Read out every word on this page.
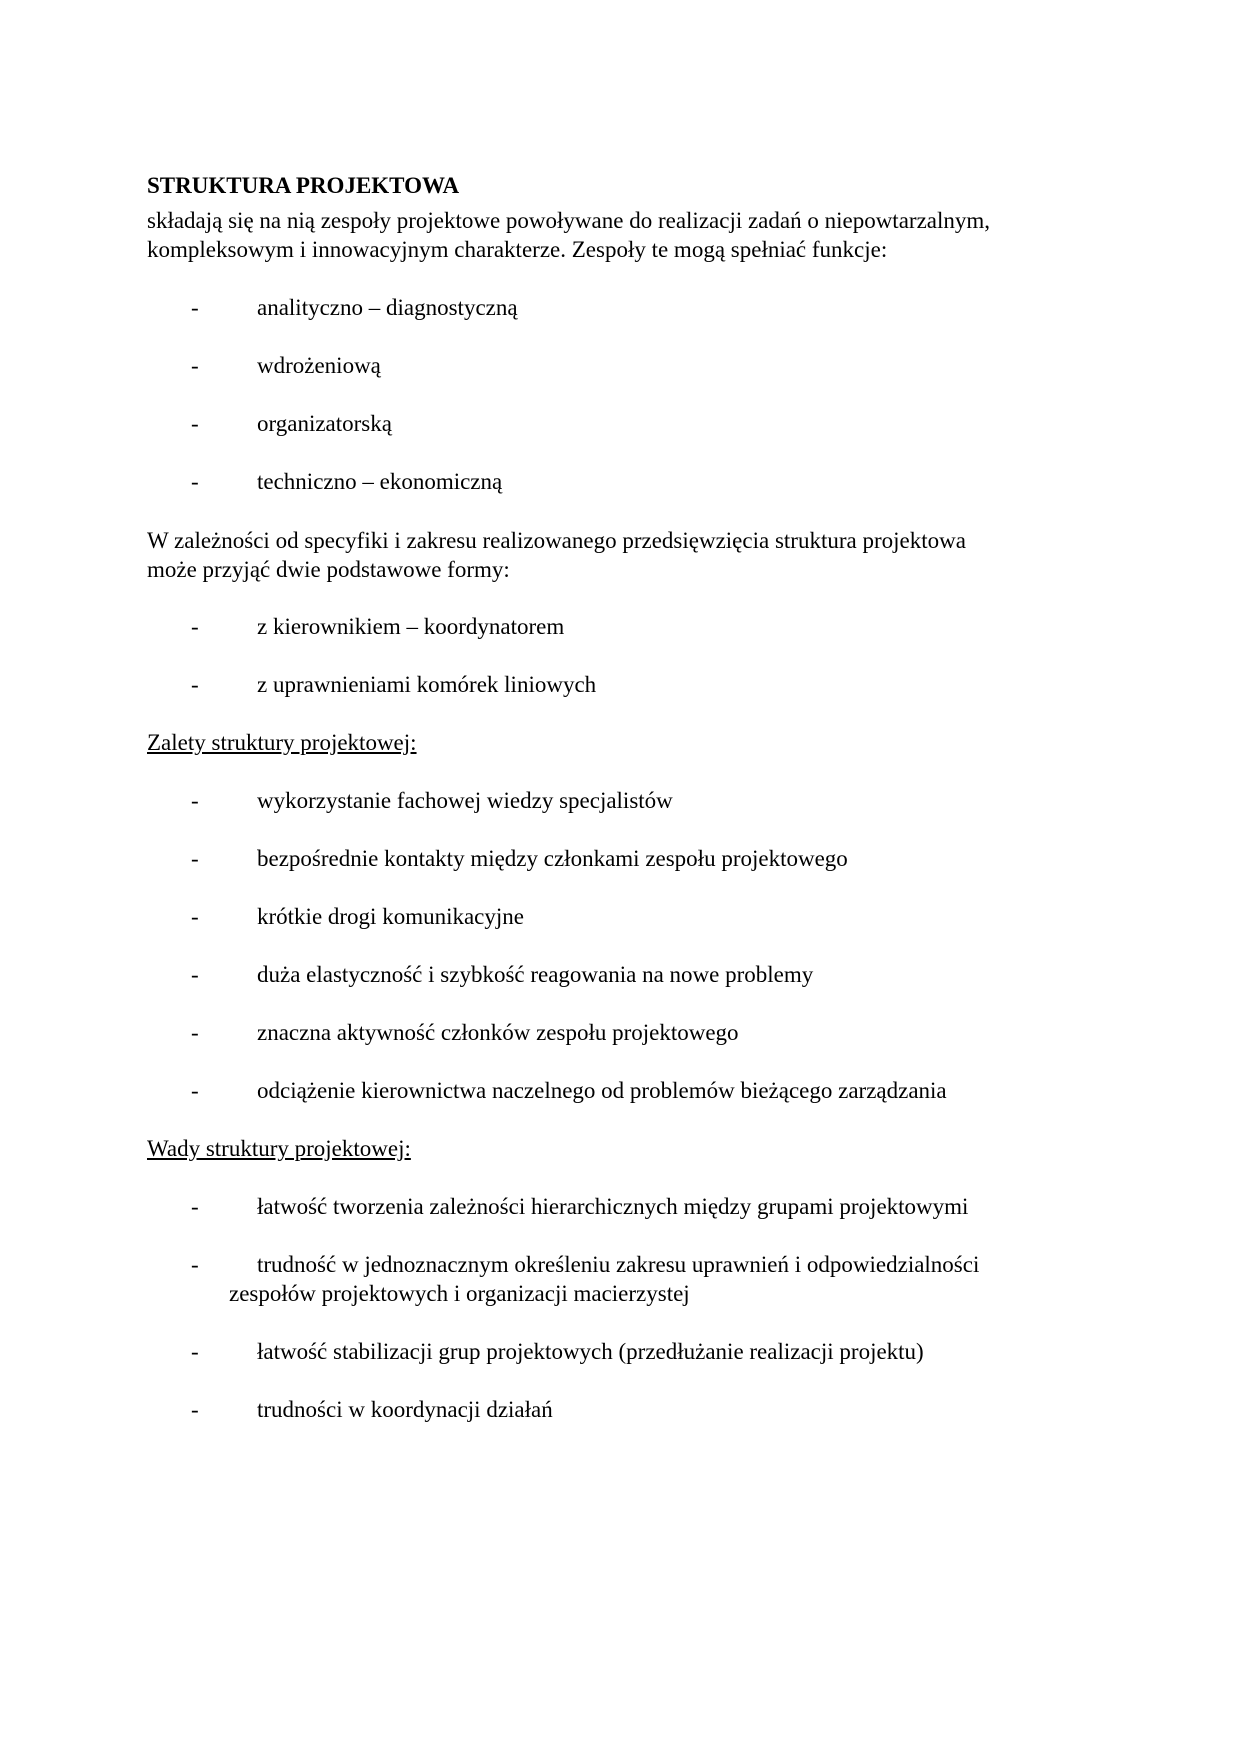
STRUKTURA PROJEKTOWA

składają się na nią zespoły projektowe powoływane do realizacji zadań o niepowtarzalnym,

kompleksowym i innowacyjnym charakterze. Zespoły te mogą spełniać funkcje:

-	analityczno – diagnostyczną
-	wdrożeniową
-	organizatorską
-	techniczno – ekonomiczną

W zależności od specyfiki i zakresu realizowanego przedsięwzięcia struktura projektowa

może przyjąć dwie podstawowe formy:

-	z kierownikiem – koordynatorem
-	z uprawnieniami komórek liniowych

Zalety struktury projektowej:

-	wykorzystanie fachowej wiedzy specjalistów
-	bezpośrednie kontakty między członkami zespołu projektowego
-	krótkie drogi komunikacyjne
-	duża elastyczność i szybkość reagowania na nowe problemy
-	znaczna aktywność członków zespołu projektowego
-	odciążenie kierownictwa naczelnego od problemów bieżącego zarządzania

Wady struktury projektowej:

-	łatwość tworzenia zależności hierarchicznych między grupami projektowymi
-	trudność w jednoznacznym określeniu zakresu uprawnień i odpowiedzialności
zespołów projektowych i organizacji macierzystej
-	łatwość stabilizacji grup projektowych (przedłużanie realizacji projektu)
-	trudności w koordynacji działań
